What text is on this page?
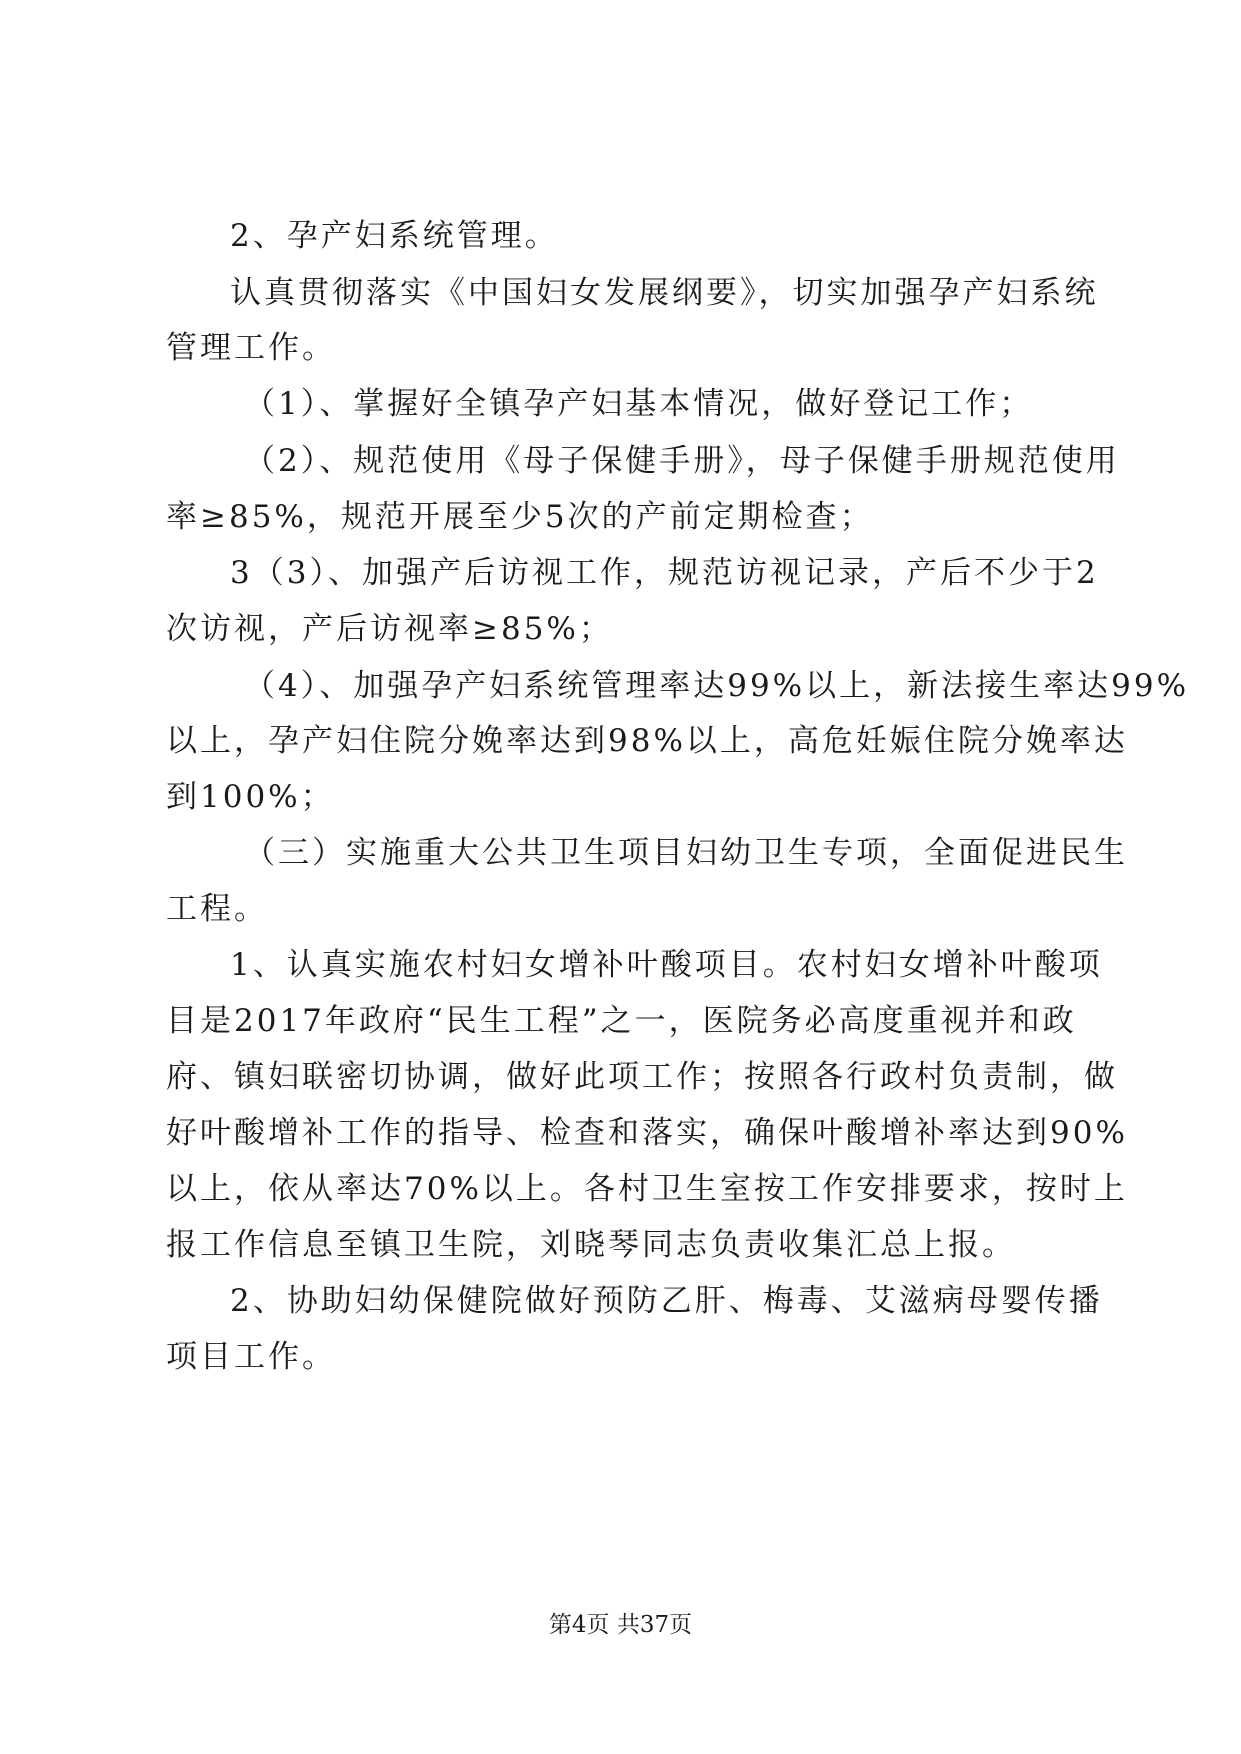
2、孕产妇系统管理。
认真贯彻落实《中国妇女发展纲要》，切实加强孕产妇系统
管理工作。
（1）、掌握好全镇孕产妇基本情况，做好登记工作；
（2）、规范使用《母子保健手册》，母子保健手册规范使用
率≥85%，规范开展至少5次的产前定期检查；
3（3）、加强产后访视工作，规范访视记录，产后不少于2
次访视，产后访视率≥85%；
（4）、加强孕产妇系统管理率达99%以上，新法接生率达99%
以上，孕产妇住院分娩率达到98%以上，高危妊娠住院分娩率达
到100%；
（三）实施重大公共卫生项目妇幼卫生专项，全面促进民生
工程。
1、认真实施农村妇女增补叶酸项目。农村妇女增补叶酸项
目是2017年政府“民生工程”之一，医院务必高度重视并和政
府、镇妇联密切协调，做好此项工作；按照各行政村负责制，做
好叶酸增补工作的指导、检查和落实，确保叶酸增补率达到90%
以上，依从率达70%以上。各村卫生室按工作安排要求，按时上
报工作信息至镇卫生院，刘晓琴同志负责收集汇总上报。
2、协助妇幼保健院做好预防乙肝、梅毒、艾滋病母婴传播
项目工作。
第4页 共37页
